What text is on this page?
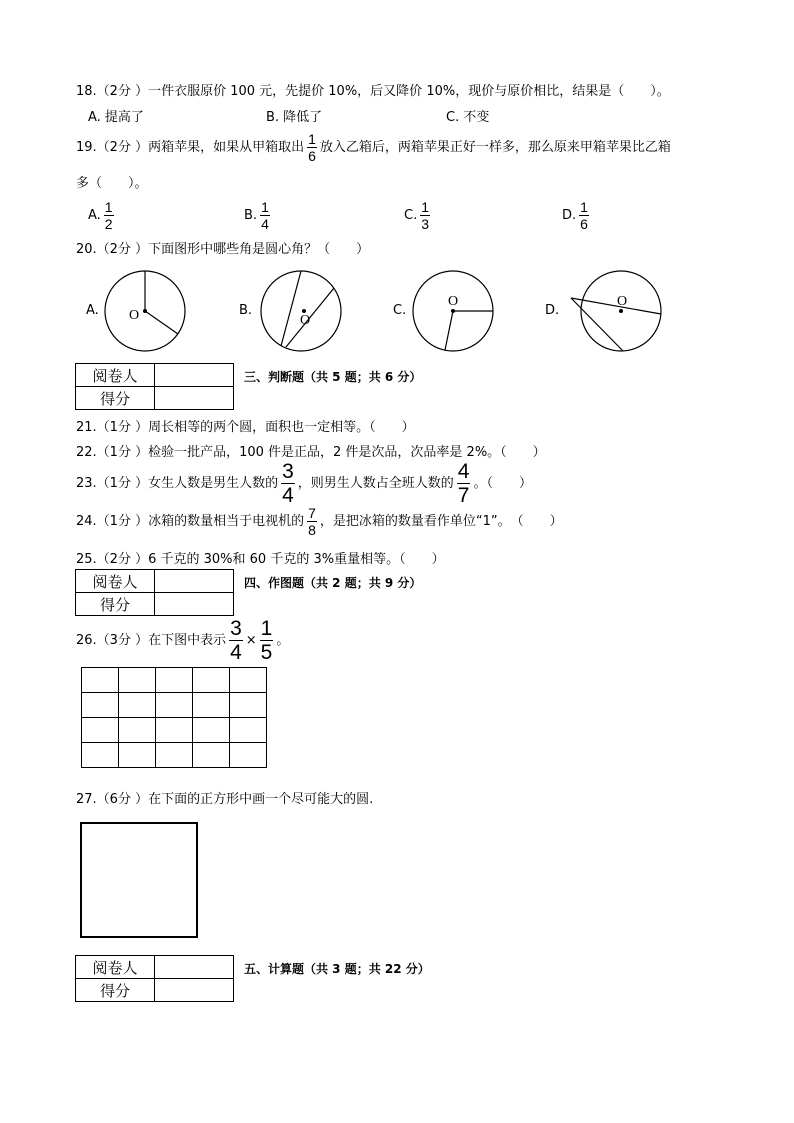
18.（2分 ）一件衣服原价 100 元，先提价 10%，后又降价 10%，现价与原价相比，结果是（　　）。
A. 提高了	B. 降低了	C. 不变
19.（2分 ）两箱苹果，如果从甲箱取出 $\frac{1}{6}$ 放入乙箱后，两箱苹果正好一样多，那么原来甲箱苹果比乙箱
多（　　）。
A. $\frac{1}{2}$	B. $\frac{1}{4}$	C. $\frac{1}{3}$	D. $\frac{1}{6}$
20.（2分 ）下面图形中哪些角是圆心角？（　　）
A. O	B.
O
C.
O
D.
O
阅卷人	
得分	
三、判断题（共 5 题；共 6 分）
21.（1分 ）周长相等的两个圆，面积也一定相等。（　　）
22.（1分 ）检验一批产品，100 件是正品，2 件是次品，次品率是 2%。（　　）
23.（1分 ）女生人数是男生人数的 $\frac{3}{4}$ ，则男生人数占全班人数的 $\frac{4}{7}$ 。（　　）
24.（1分 ）冰箱的数量相当于电视机的 $\frac{7}{8}$ ，是把冰箱的数量看作单位“1”。　（　　）
25.（2分 ）6 千克的 30%和 60 千克的 3%重量相等。（　　）
阅卷人	
得分	
四、作图题（共 2 题；共 9 分）
26.（3分 ）在下图中表示 $\frac{3}{4} \times \frac{1}{5}$ 。

27.（6分 ）在下面的正方形中画一个尽可能大的圆.
阅卷人	
得分	
五、计算题（共 3 题；共 22 分）
